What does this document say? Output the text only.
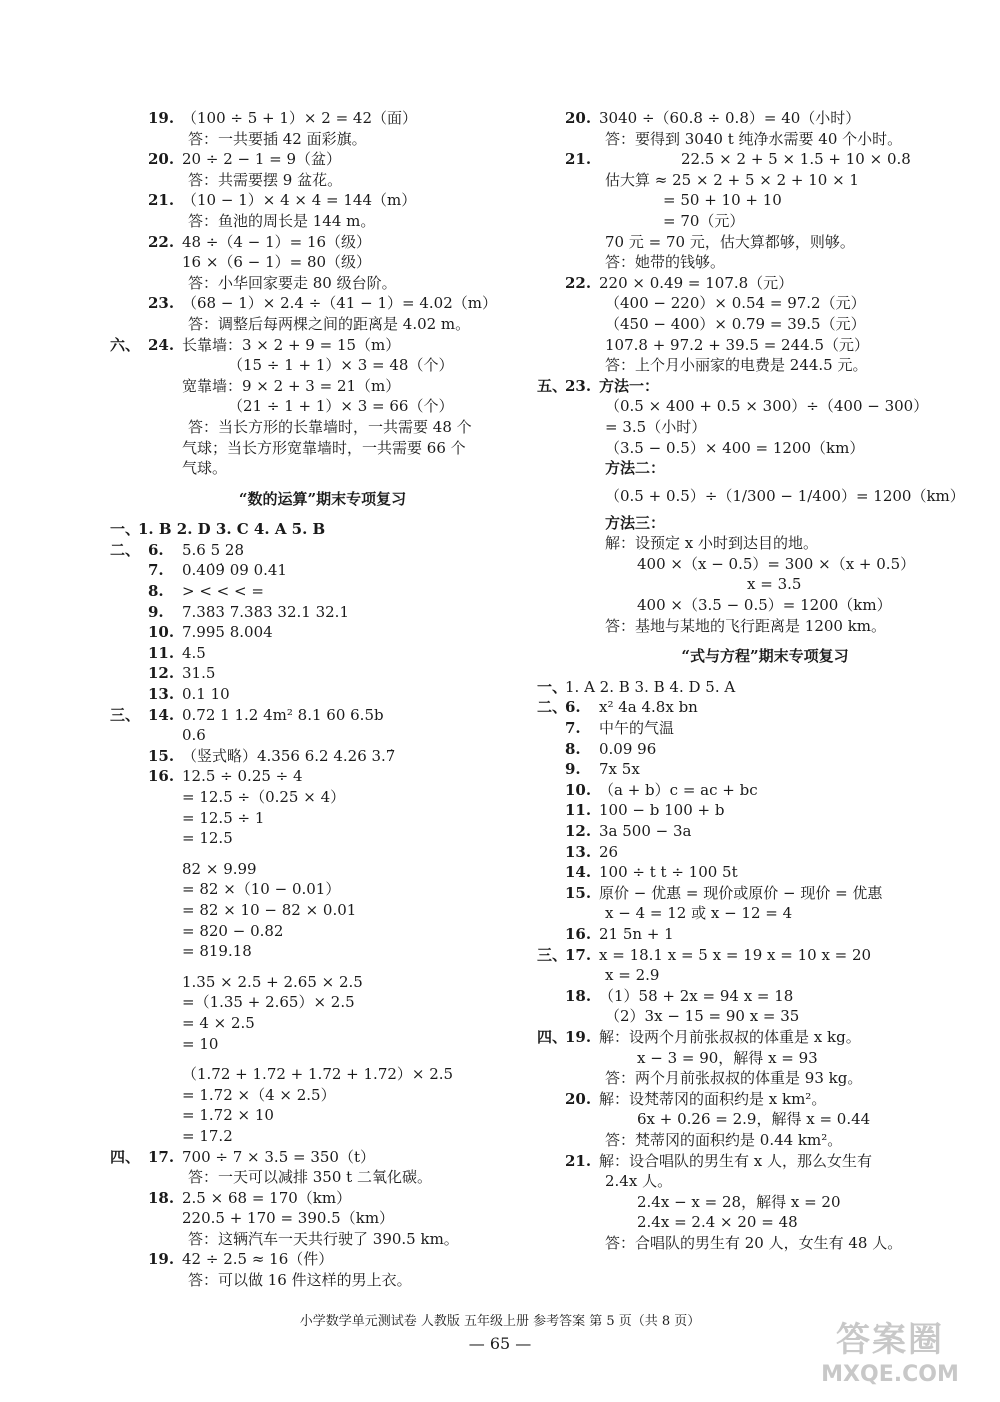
19. （100 ÷ 5 + 1）× 2 = 42（面）
答：一共要插 42 面彩旗。
20. 20 ÷ 2 − 1 = 9（盆）
答：共需要摆 9 盆花。
21. （10 − 1）× 4 × 4 = 144（m）
答：鱼池的周长是 144 m。
22. 48 ÷（4 − 1）= 16（级）
16 ×（6 − 1）= 80（级）
答：小华回家要走 80 级台阶。
23. （68 − 1）× 2.4 ÷（41 − 1）= 4.02（m）
答：调整后每两棵之间的距离是 4.02 m。
六、 24. 长靠墙：3 × 2 + 9 = 15（m）
（15 ÷ 1 + 1）× 3 = 48（个）
宽靠墙：9 × 2 + 3 = 21（m）
（21 ÷ 1 + 1）× 3 = 66（个）
答：当长方形的长靠墙时，一共需要 48 个
气球；当长方形宽靠墙时，一共需要 66 个
气球。
“数的运算”期末专项复习
一、
1. B 2. D 3. C 4. A 5. B
二、 6. 5.6 5 28
7. 0.40̇9̇ 09 0.41
8. > < < < =
9. 7.383 7.383 32.1 32.1
10. 7.995 8.004
11. 4.5
12. 31.5
13. 0.1 10
三、 14. 0.72 1 1.2 4m² 8.1 60 6.5b
0.6
15. （竖式略）4.356 6.2 4.26 3.7̇
16. 12.5 ÷ 0.25 ÷ 4
= 12.5 ÷（0.25 × 4）
= 12.5 ÷ 1
= 12.5
82 × 9.99
= 82 ×（10 − 0.01）
= 82 × 10 − 82 × 0.01
= 820 − 0.82
= 819.18
1.35 × 2.5 + 2.65 × 2.5
=（1.35 + 2.65）× 2.5
= 4 × 2.5
= 10
（1.72 + 1.72 + 1.72 + 1.72）× 2.5
= 1.72 ×（4 × 2.5）
= 1.72 × 10
= 17.2
四、 17. 700 ÷ 7 × 3.5 = 350（t）
答：一天可以减排 350 t 二氧化碳。
18. 2.5 × 68 = 170（km）
220.5 + 170 = 390.5（km）
答：这辆汽车一天共行驶了 390.5 km。
19. 42 ÷ 2.5 ≈ 16（件）
答：可以做 16 件这样的男上衣。
20. 3040 ÷（60.8 ÷ 0.8）= 40（小时）
答：要得到 3040 t 纯净水需要 40 个小时。
21.	22.5 × 2 + 5 × 1.5 + 10 × 0.8
估大算 ≈ 25 × 2 + 5 × 2 + 10 × 1
= 50 + 10 + 10
= 70（元）
70 元 = 70 元，估大算都够，则够。
答：她带的钱够。
22. 220 × 0.49 = 107.8（元）
（400 − 220）× 0.54 = 97.2（元）
（450 − 400）× 0.79 = 39.5（元）
107.8 + 97.2 + 39.5 = 244.5（元）
答：上个月小丽家的电费是 244.5 元。
五、
23. 方法一：
（0.5 × 400 + 0.5 × 300）÷（400 − 300）
= 3.5（小时）
（3.5 − 0.5）× 400 = 1200（km）
方法二：
（0.5 + 0.5）÷（1/300 − 1/400）= 1200（km）
方法三：
解：设预定 x 小时到达目的地。
400 ×（x − 0.5）= 300 ×（x + 0.5）
x = 3.5
400 ×（3.5 − 0.5）= 1200（km）
答：基地与某地的飞行距离是 1200 km。
“式与方程”期末专项复习
一、
1. A 2. B 3. B 4. D 5. A
二、
6. x² 4a 4.8x bn
7. 中午的气温
8. 0.09 96
9. 7x 5x
10. （a + b）c = ac + bc
11. 100 − b 100 + b
12. 3a 500 − 3a
13. 26
14. 100 ÷ t t ÷ 100 5t
15. 原价 − 优惠 = 现价或原价 − 现价 = 优惠
x − 4 = 12 或 x − 12 = 4
16. 21 5n + 1
三、
17. x = 18.1 x = 5 x = 19 x = 10 x = 20
x = 2.9
18. （1）58 + 2x = 94 x = 18
（2）3x − 15 = 90 x = 35
四、
19. 解：设两个月前张叔叔的体重是 x kg。
x − 3 = 90，解得 x = 93
答：两个月前张叔叔的体重是 93 kg。
20. 解：设梵蒂冈的面积约是 x km²。
6x + 0.26 = 2.9，解得 x = 0.44
答：梵蒂冈的面积约是 0.44 km²。
21. 解：设合唱队的男生有 x 人，那么女生有
2.4x 人。
2.4x − x = 28，解得 x = 20
2.4x = 2.4 × 20 = 48
答：合唱队的男生有 20 人，女生有 48 人。
小学数学单元测试卷 人教版 五年级上册 参考答案 第 5 页（共 8 页）
— 65 —	答案圈
MXQE.COM
